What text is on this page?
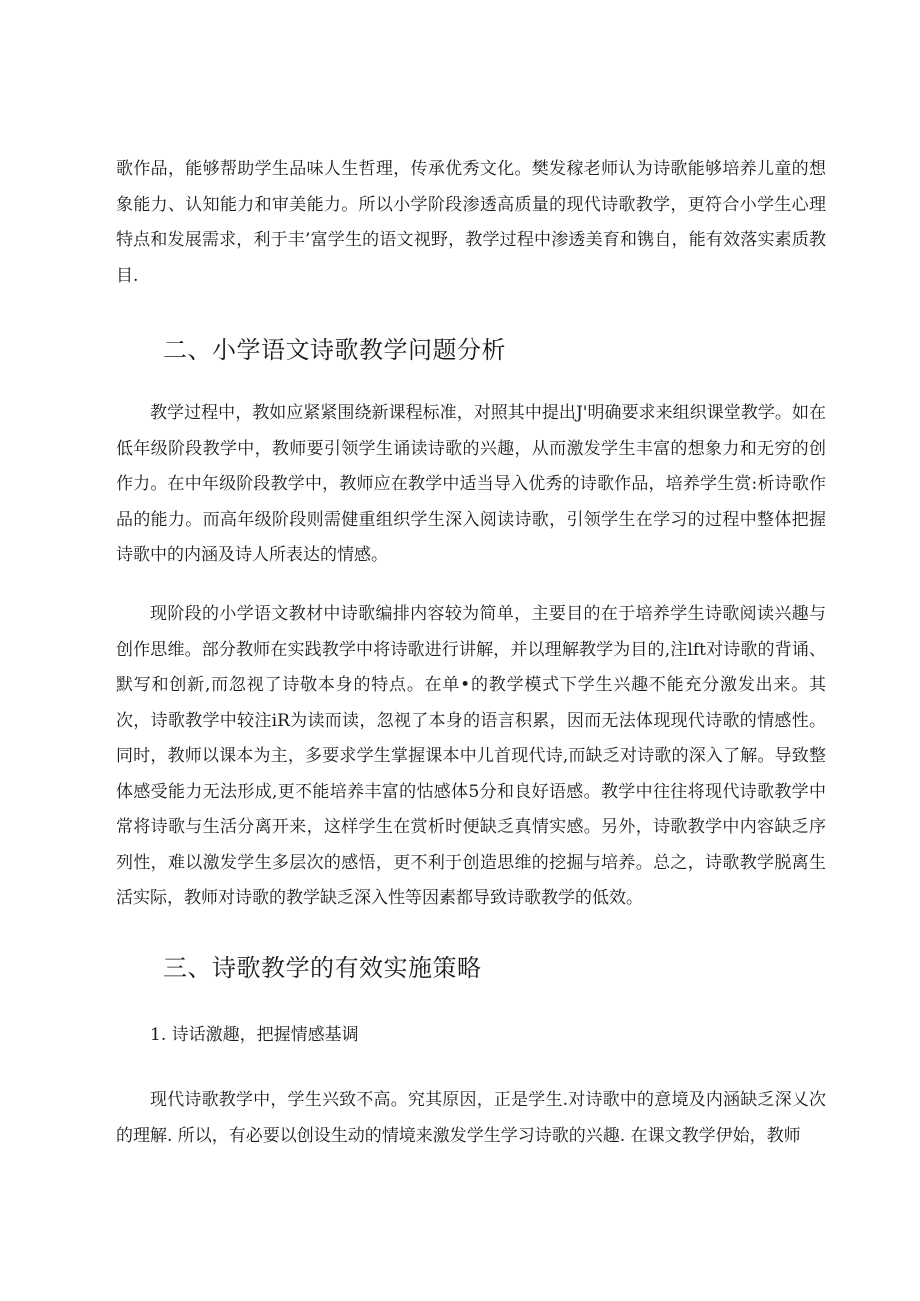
歌作品，能够帮助学生品味人生哲理，传承优秀文化。樊发稼老师认为诗歌能够培养儿童的想象能力、认知能力和审美能力。所以小学阶段渗透高质量的现代诗歌教学，更符合小学生心理特点和发展需求，利于丰’富学生的语文视野，教学过程中渗透美育和镌自，能有效落实素质教目.

二、小学语文诗歌教学问题分析

教学过程中，教如应紧紧围绕新课程标准，对照其中提出J'明确要求来组织课堂教学。如在低年级阶段教学中，教师要引领学生诵读诗歌的兴趣，从而激发学生丰富的想象力和无穷的创作力。在中年级阶段教学中，教师应在教学中适当导入优秀的诗歌作品，培养学生赏:析诗歌作品的能力。而高年级阶段则需健重组织学生深入阅读诗歌，引领学生在学习的过程中整体把握诗歌中的内涵及诗人所表达的情感。

现阶段的小学语文教材中诗歌编排内容较为简单，主要目的在于培养学生诗歌阅读兴趣与创作思维。部分教师在实践教学中将诗歌进行讲解，并以理解教学为目的,注lft对诗歌的背诵、默写和创新,而忽视了诗敬本身的特点。在单•的教学模式下学生兴趣不能充分激发出来。其次，诗歌教学中较注iR为读而读，忽视了本身的语言积累，因而无法体现现代诗歌的情感性。同时，教师以课本为主，多要求学生掌握课本中儿首现代诗,而缺乏对诗歌的深入了解。导致整体感受能力无法形成,更不能培养丰富的怙感体5分和良好语感。教学中往往将现代诗歌教学中常将诗歌与生活分离开来，这样学生在赏析时便缺乏真情实感。另外，诗歌教学中内容缺乏序列性，难以激发学生多层次的感悟，更不利于创造思维的挖掘与培养。总之，诗歌教学脱离生活实际，教师对诗歌的教学缺乏深入性等因素都导致诗歌教学的低效。

三、诗歌教学的有效实施策略
1. 诗话激趣，把握情感基调

现代诗歌教学中，学生兴致不高。究其原因，正是学生.对诗歌中的意境及内涵缺乏深乂次的理解. 所以，有必要以创设生动的情境来激发学生学习诗歌的兴趣. 在课文教学伊始，教师
